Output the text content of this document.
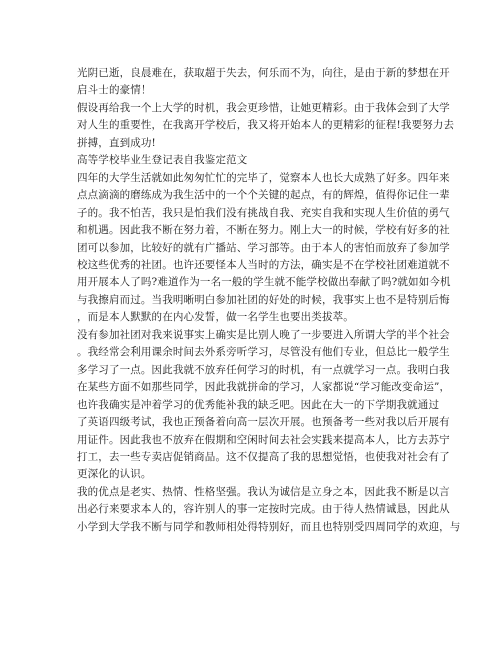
光阴已逝，良晨难在，获取超于失去，何乐而不为，向往，是由于新的梦想在开
启斗士的豪情！

假设再给我一个上大学的时机，我会更珍惜，让她更精彩。由于我体会到了大学
对人生的重要性，在我离开学校后，我又将开始本人的更精彩的征程!我要努力去
拼搏，直到成功!

高等学校毕业生登记表自我鉴定范文

四年的大学生活就如此匆匆忙忙的完毕了，觉察本人也长大成熟了好多。四年来
点点滴滴的磨练成为我生活中的一个个关键的起点，有的辉煌，值得你记住一辈
子的。我不怕苦，我只是怕我们没有挑战自我、充实自我和实现人生价值的勇气
和机遇。因此我不断在努力着，不断在努力。刚上大一的时候，学校有好多的社
团可以参加，比较好的就有广播站、学习部等。由于本人的害怕而放弃了参加学
校这些优秀的社团。也许还要怪本人当时的方法，确实是不在学校社团难道就不
用开展本人了吗?难道作为一名一般的学生就不能学校做出奉献了吗?就如如今机
与我擦肩而过。当我明晰明白参加社团的好处的时候，我事实上也不是特别后悔
，而是本人默默的在内心发誓，做一名学生也要出类拔萃。

没有参加社团对我来说事实上确实是比别人晚了一步要进入所谓大学的半个社会
。我经常会利用课余时间去外系旁听学习，尽管没有他们专业，但总比一般学生
多学习了一点。因此我就不放弃任何学习的时机，有一点就学习一点。我明白我
在某些方面不如那些同学，因此我就拼命的学习，人家都说“学习能改变命运”，
也许我确实是冲着学习的优秀能补我的缺乏吧。因此在大一的下学期我就通过
了英语四级考试，我也正预备着向高一层次开展。也预备考一些对我以后开展有
用证件。因此我也不放弃在假期和空闲时间去社会实践来提高本人，比方去苏宁
打工，去一些专卖店促销商品。这不仅提高了我的思想觉悟，也使我对社会有了
更深化的认识。

我的优点是老实、热情、性格坚强。我认为诚信是立身之本，因此我不断是以言
出必行来要求本人的，容许别人的事一定按时完成。由于待人热情诚恳，因此从
小学到大学我不断与同学和教师相处得特别好，而且也特别受四周同学的欢迎，与
